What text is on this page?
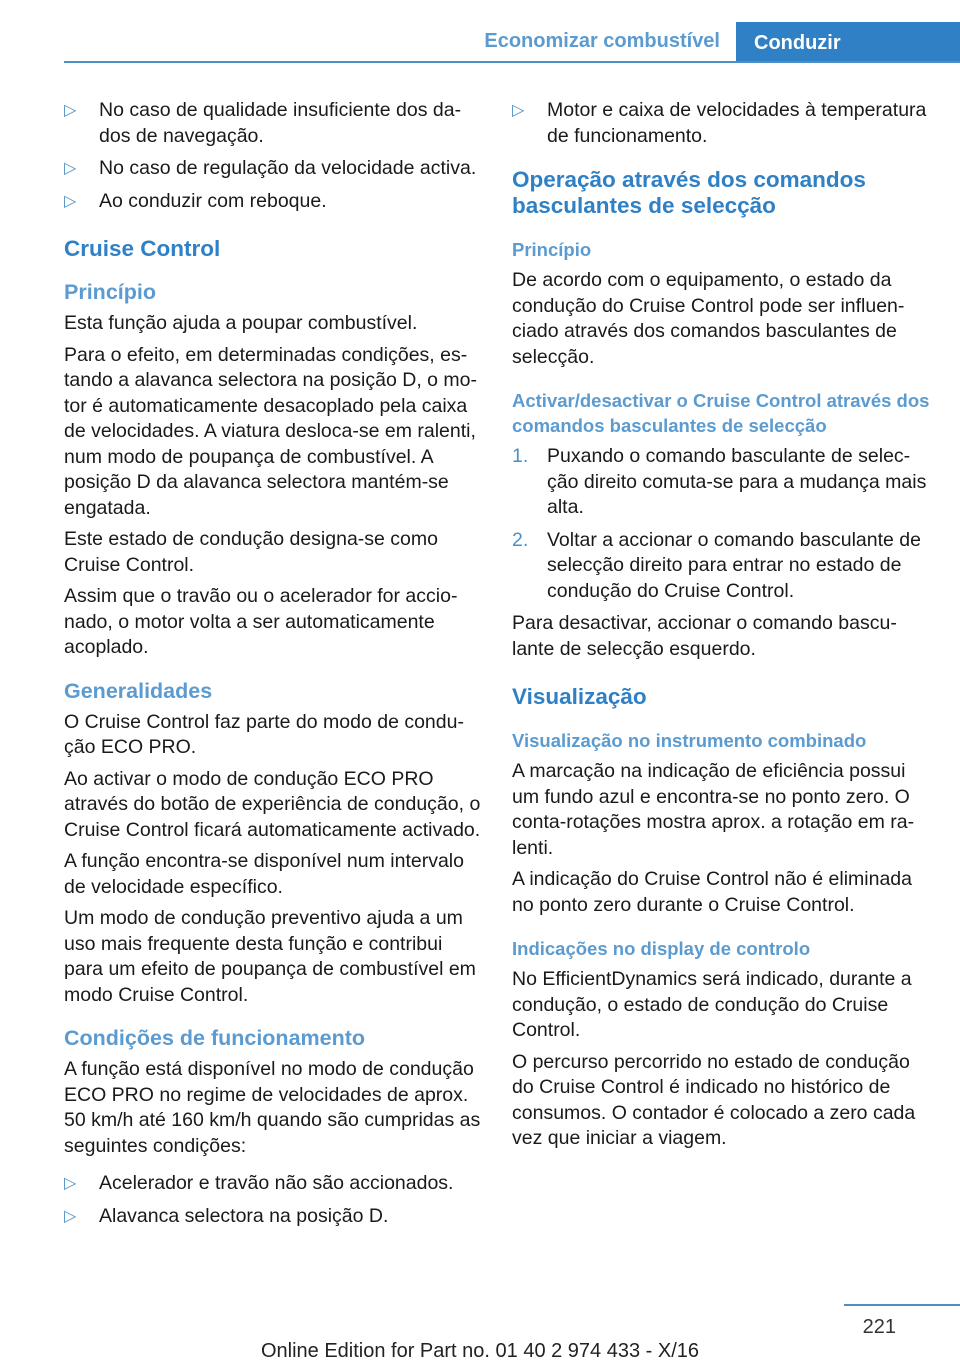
Economizar combustível	Conduzir
▷ No caso de qualidade insuficiente dos dados de navegação.
▷ No caso de regulação da velocidade activa.
▷ Ao conduzir com reboque.
Cruise Control
Princípio

Esta função ajuda a poupar combustível.

Para o efeito, em determinadas condições, estando a alavanca selectora na posição D, o motor é automaticamente desacoplado pela caixa de velocidades. A viatura desloca-se em ralenti, num modo de poupança de combustível. A posição D da alavanca selectora mantém-se engatada.

Este estado de condução designa-se como Cruise Control.

Assim que o travão ou o acelerador for accionado, o motor volta a ser automaticamente acoplado.

Generalidades

O Cruise Control faz parte do modo de condução ECO PRO.

Ao activar o modo de condução ECO PRO através do botão de experiência de condução, o Cruise Control ficará automaticamente activado.

A função encontra-se disponível num intervalo de velocidade específico.

Um modo de condução preventivo ajuda a um uso mais frequente desta função e contribui para um efeito de poupança de combustível em modo Cruise Control.

Condições de funcionamento

A função está disponível no modo de condução ECO PRO no regime de velocidades de aprox. 50 km/h até 160 km/h quando são cumpridas as seguintes condições:

▷ Acelerador e travão não são accionados.
▷ Alavanca selectora na posição D.
▷ Motor e caixa de velocidades à temperatura de funcionamento.
Operação através dos comandos basculantes de selecção
Princípio

De acordo com o equipamento, o estado da condução do Cruise Control pode ser influenciado através dos comandos basculantes de selecção.

Activar/desactivar o Cruise Control através dos comandos basculantes de selecção
1. Puxando o comando basculante de selecção direito comuta-se para a mudança mais alta.
2. Voltar a accionar o comando basculante de selecção direito para entrar no estado de condução do Cruise Control.

Para desactivar, accionar o comando basculante de selecção esquerdo.

Visualização
Visualização no instrumento combinado

A marcação na indicação de eficiência possui um fundo azul e encontra-se no ponto zero. O conta-rotações mostra aprox. a rotação em ralenti.

A indicação do Cruise Control não é eliminada no ponto zero durante o Cruise Control.

Indicações no display de controlo

No EfficientDynamics será indicado, durante a condução, o estado de condução do Cruise Control.

O percurso percorrido no estado de condução do Cruise Control é indicado no histórico de consumos. O contador é colocado a zero cada vez que iniciar a viagem.

221
Online Edition for Part no. 01 40 2 974 433 - X/16
